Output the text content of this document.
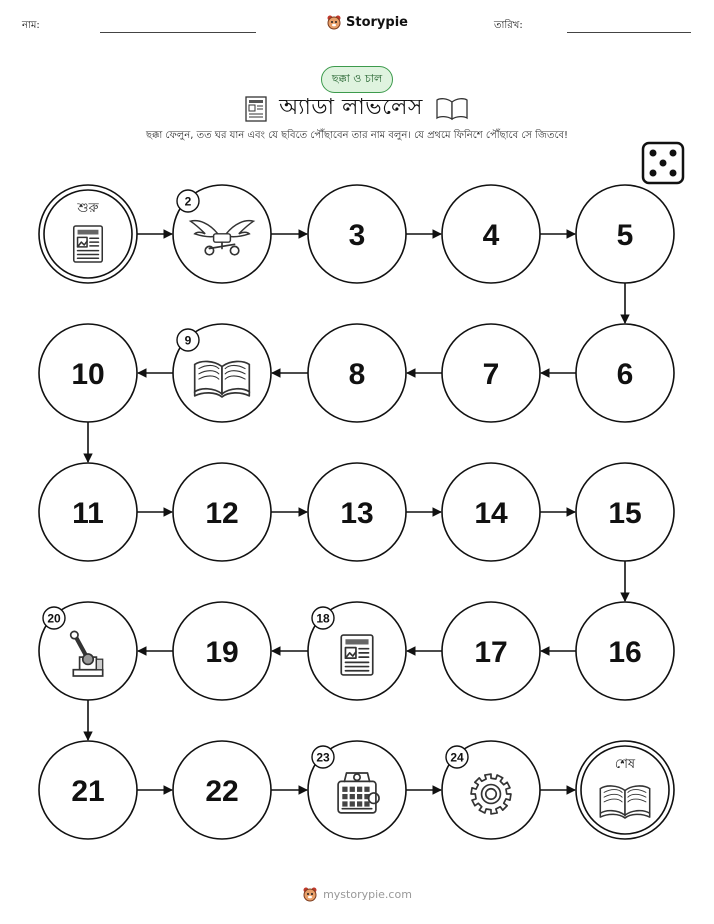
নাম:	Storypie	তারিখ:
ছক্কা ও চাল
অ্যাডা লাভলেস
ছক্কা ফেলুন, তত ঘর যান এবং যে ছবিতে পৌঁছাবেন তার নাম বলুন। যে প্রথমে ফিনিশে পৌঁছাবে সে জিতবে!
শুরু	2
3	4	5
6
7
8
9
10
11	12	13	14	15
16
17
18
19
20
21	22
23	24	শেষ
mystorypie.com
